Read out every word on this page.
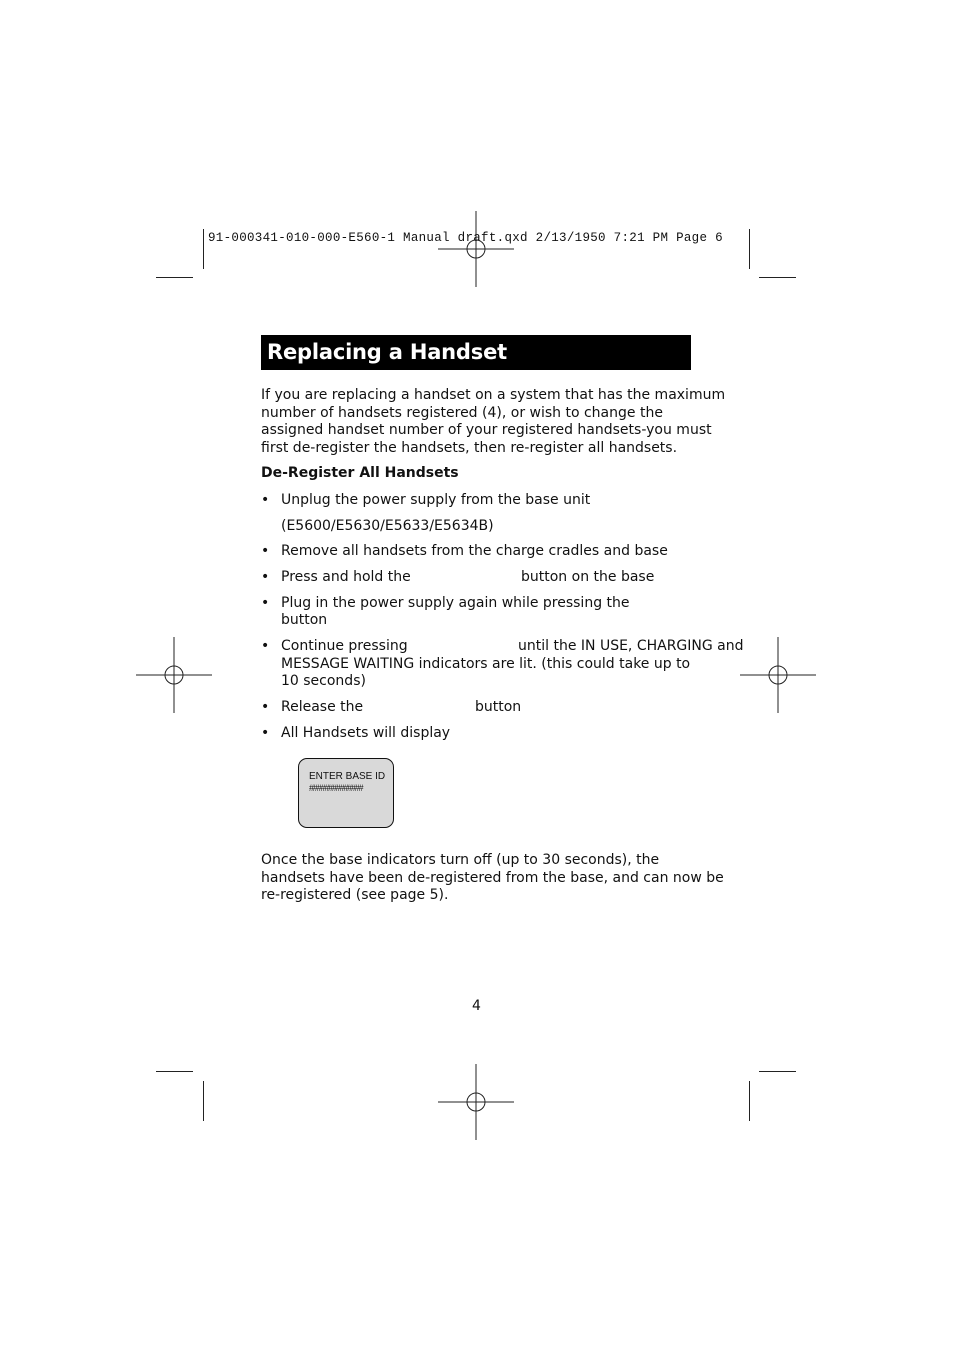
91-000341-010-000-E560-1 Manual draft.qxd 2/13/1950 7:21 PM Page 6
Replacing a Handset
If you are replacing a handset on a system that has the maximum
number of handsets registered (4), or wish to change the
assigned handset number of your registered handsets-you must
first de-register the handsets, then re-register all handsets.
De-Register All Handsets
• Unplug the power supply from the base unit
(E5600/E5630/E5633/E5634B)
• Remove all handsets from the charge cradles and base
• Press and hold the	button on the base
• Plug in the power supply again while pressing the
button
• Continue pressing	until the IN USE, CHARGING and
MESSAGE WAITING indicators are lit. (this could take up to
10 seconds)
• Release the	button
• All Handsets will display
ENTER BASE ID
##############
Once the base indicators turn off (up to 30 seconds), the
handsets have been de-registered from the base, and can now be
re-registered (see page 5).
4
